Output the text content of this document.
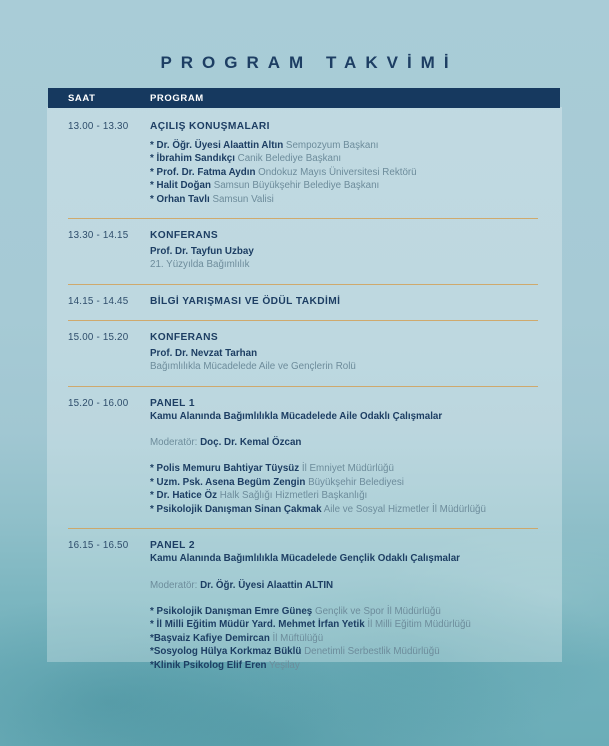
PROGRAM TAKVİMİ
SAAT	PROGRAM
13.00 - 13.30	AÇILIŞ KONUŞMALARI
* Dr. Öğr. Üyesi Alaattin Altın Sempozyum Başkanı
* İbrahim Sandıkçı Canik Belediye Başkanı
* Prof. Dr. Fatma Aydın Ondokuz Mayıs Üniversitesi Rektörü
* Halit Doğan Samsun Büyükşehir Belediye Başkanı
* Orhan Tavlı Samsun Valisi
13.30 - 14.15	KONFERANS
Prof. Dr. Tayfun Uzbay
21. Yüzyılda Bağımlılık
14.15 - 14.45	BİLGİ YARIŞMASI VE ÖDÜL TAKDİMİ
15.00 - 15.20	KONFERANS
Prof. Dr. Nevzat Tarhan
Bağımlılıkla Mücadelede Aile ve Gençlerin Rolü
15.20 - 16.00	PANEL 1
Kamu Alanında Bağımlılıkla Mücadelede Aile Odaklı Çalışmalar
Moderatör: Doç. Dr. Kemal Özcan
* Polis Memuru Bahtiyar Tüysüz İl Emniyet Müdürlüğü
* Uzm. Psk. Asena Begüm Zengin Büyükşehir Belediyesi
* Dr. Hatice Öz Halk Sağlığı Hizmetleri Başkanlığı
* Psikolojik Danışman Sinan Çakmak Aile ve Sosyal Hizmetler İl Müdürlüğü
16.15 - 16.50	PANEL 2
Kamu Alanında Bağımlılıkla Mücadelede Gençlik Odaklı Çalışmalar
Moderatör: Dr. Öğr. Üyesi Alaattin ALTIN
* Psikolojik Danışman Emre Güneş Gençlik ve Spor İl Müdürlüğü
* İl Milli Eğitim Müdür Yard. Mehmet İrfan Yetik İl Milli Eğitim Müdürlüğü
*Başvaiz Kafiye Demircan İl Müftülüğü
*Sosyolog Hülya Korkmaz Büklü Denetimli Serbestlik Müdürlüğü
*Klinik Psikolog Elif Eren Yeşilay
